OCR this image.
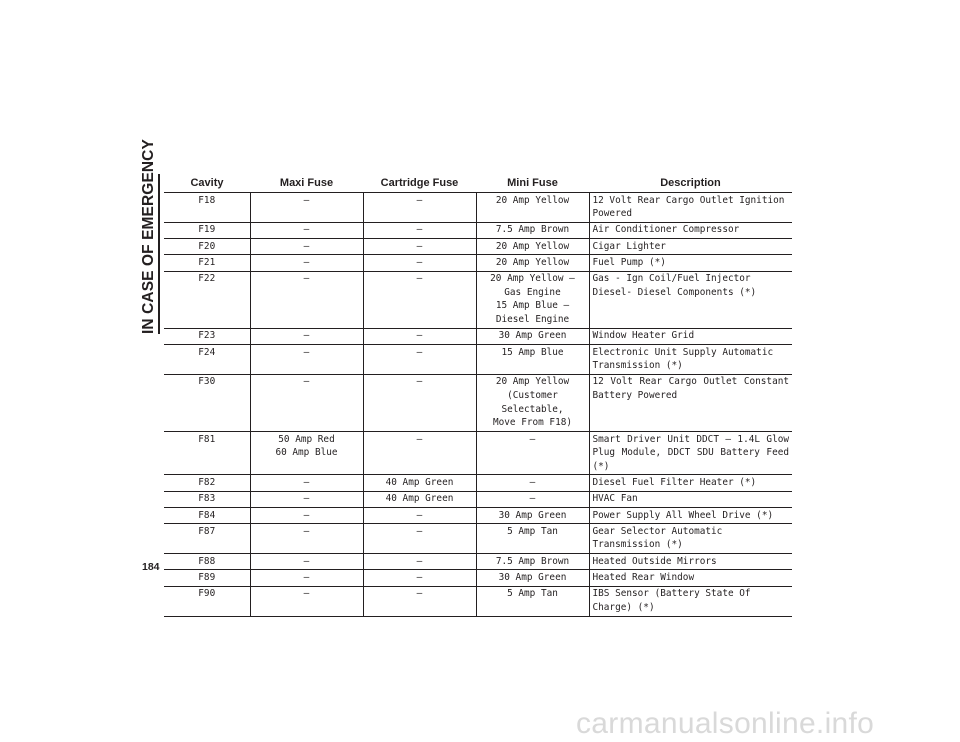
IN CASE OF EMERGENCY	Cavity	Maxi Fuse	Cartridge Fuse	Mini Fuse	Description
F18	–	–	20 Amp Yellow	12 Volt Rear Cargo Outlet Ignition Powered
F19	–	–	7.5 Amp Brown	Air Conditioner Compressor
F20	–	–	20 Amp Yellow	Cigar Lighter
F21	–	–	20 Amp Yellow	Fuel Pump (*)
F22	–	–	20 Amp Yellow –
Gas Engine
15 Amp Blue –
Diesel Engine	Gas - Ign Coil/Fuel Injector Diesel- Diesel Components (*)
F23	–	–	30 Amp Green	Window Heater Grid
F24	–	–	15 Amp Blue	Electronic Unit Supply Automatic Transmission (*)
F30	–	–	20 Amp Yellow
(Customer Selectable,
Move From F18)	12 Volt Rear Cargo Outlet Constant Battery Powered
F81	50 Amp Red
60 Amp Blue	–	–	Smart Driver Unit DDCT – 1.4L Glow Plug Module, DDCT SDU Battery Feed (*)
F82	–	40 Amp Green	–	Diesel Fuel Filter Heater (*)
F83	–	40 Amp Green	–	HVAC Fan
F84	–	–	30 Amp Green	Power Supply All Wheel Drive (*)
F87	–	–	5 Amp Tan	Gear Selector Automatic Transmission (*)
F88	–	–	7.5 Amp Brown	Heated Outside Mirrors
F89	–	–	30 Amp Green	Heated Rear Window
F90	–	–	5 Amp Tan	IBS Sensor (Battery State Of Charge) (*)
184
carmanualsonline.info
